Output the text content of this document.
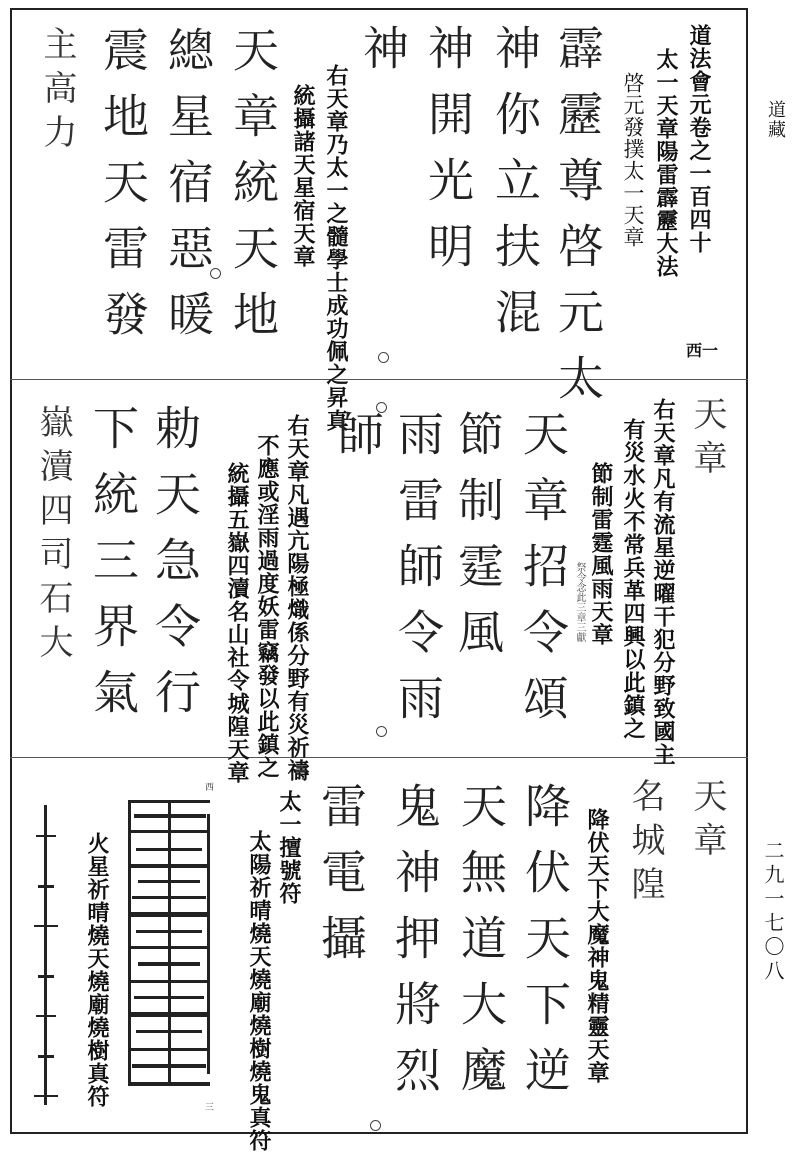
道藏
二九一七〇八
道法會元卷之一百四十
太一天章陽雷霹靂大法
啓元發撲太一天章
西一
霹靂尊啓元太
神你立扶混
神開光明
神
右天章乃太一之髓學士成功佩之昇真
統攝諸天星宿天章
天章統天地
總星宿惡暖
震地天雷發
主高力
天章
右天章凡有流星逆曜干犯分野致國主
有災水火不常兵革四興以此鎮之
節制雷霆風雨天章
祭令念此三章三獻
天章招令頌
節制霆風
雨雷師令雨
師
右天章凡遇亢陽極熾係分野有災祈禱
不應或淫雨過度妖雷竊發以此鎮之
統攝五嶽四瀆名山社令城隍天章
勅天急令行
下統三界氣
嶽瀆四司石大
天章
名城隍
降伏天下大魔神鬼精靈天章
降伏天下逆
天無道大魔
鬼神押將烈
雷電攝
太一擅號符
太陽祈晴燒天燒廟燒樹燒鬼真符
西
三
火星祈晴燒天燒廟燒樹真符
